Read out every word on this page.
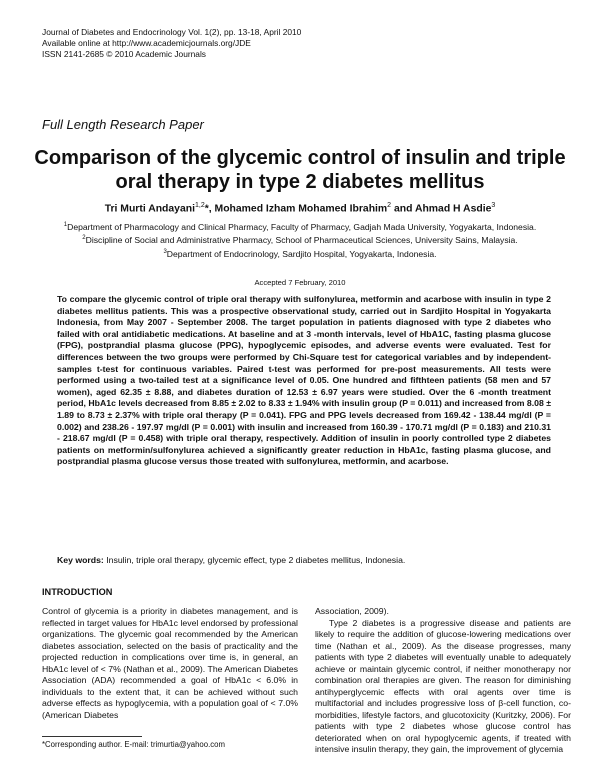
Journal of Diabetes and Endocrinology Vol. 1(2), pp. 13-18, April 2010
Available online at http://www.academicjournals.org/JDE
ISSN 2141-2685 © 2010 Academic Journals
Full Length Research Paper
Comparison of the glycemic control of insulin and triple oral therapy in type 2 diabetes mellitus
Tri Murti Andayani$^{1,2}$*, Mohamed Izham Mohamed Ibrahim$^2$ and Ahmad H Asdie$^3$
$^1$Department of Pharmacology and Clinical Pharmacy, Faculty of Pharmacy, Gadjah Mada University, Yogyakarta, Indonesia.
$^2$Discipline of Social and Administrative Pharmacy, School of Pharmaceutical Sciences, University Sains, Malaysia.
$^3$Department of Endocrinology, Sardjito Hospital, Yogyakarta, Indonesia.
Accepted 7 February, 2010
To compare the glycemic control of triple oral therapy with sulfonylurea, metformin and acarbose with insulin in type 2 diabetes mellitus patients. This was a prospective observational study, carried out in Sardjito Hospital in Yogyakarta Indonesia, from May 2007 - September 2008. The target population in patients diagnosed with type 2 diabetes who failed with oral antidiabetic medications. At baseline and at 3 -month intervals, level of HbA1C, fasting plasma glucose (FPG), postprandial plasma glucose (PPG), hypoglycemic episodes, and adverse events were evaluated. Test for differences between the two groups were performed by Chi-Square test for categorical variables and by independent-samples t-test for continuous variables. Paired t-test was performed for pre-post measurements. All tests were performed using a two-tailed test at a significance level of 0.05. One hundred and fifthteen patients (58 men and 57 women), aged 62.35 ± 8.88, and diabetes duration of 12.53 ± 6.97 years were studied. Over the 6 -month treatment period, HbA1c levels decreased from 8.85 ± 2.02 to 8.33 ± 1.94% with insulin group (P = 0.011) and increased from 8.08 ± 1.89 to 8.73 ± 2.37% with triple oral therapy (P = 0.041). FPG and PPG levels decreased from 169.42 - 138.44 mg/dl (P = 0.002) and 238.26 - 197.97 mg/dl (P = 0.001) with insulin and increased from 160.39 - 170.71 mg/dl (P = 0.183) and 210.31 - 218.67 mg/dl (P = 0.458) with triple oral therapy, respectively. Addition of insulin in poorly controlled type 2 diabetes patients on metformin/sulfonylurea achieved a significantly greater reduction in HbA1c, fasting plasma glucose, and postprandial plasma glucose versus those treated with sulfonylurea, metformin, and acarbose.
Key words: Insulin, triple oral therapy, glycemic effect, type 2 diabetes mellitus, Indonesia.
INTRODUCTION

Control of glycemia is a priority in diabetes management, and is reflected in target values for HbA1c level endorsed by professional organizations. The glycemic goal recommended by the American diabetes association, selected on the basis of practicality and the projected reduction in complications over time is, in general, an HbA1c level of < 7% (Nathan et al., 2009). The American Diabetes Association (ADA) recommended a goal of HbA1c < 6.0% in individuals to the extent that, it can be achieved without such adverse effects as hypoglycemia, with a population goal of < 7.0% (American Diabetes

Association, 2009).

Type 2 diabetes is a progressive disease and patients are likely to require the addition of glucose-lowering medications over time (Nathan et al., 2009). As the disease progresses, many patients with type 2 diabetes will eventually unable to adequately achieve or maintain glycemic control, if neither monotherapy nor combination oral therapies are given. The reason for diminishing antihyperglycemic effects with oral agents over time is multifactorial and includes progressive loss of β-cell function, co-morbidities, lifestyle factors, and glucotoxicity (Kuritzky, 2006). For patients with type 2 diabetes whose glucose control has deteriorated when on oral hypoglycemic agents, if treated with intensive insulin therapy, they gain, the improvement of glycemia

*Corresponding author. E-mail: trimurtia@yahoo.com
